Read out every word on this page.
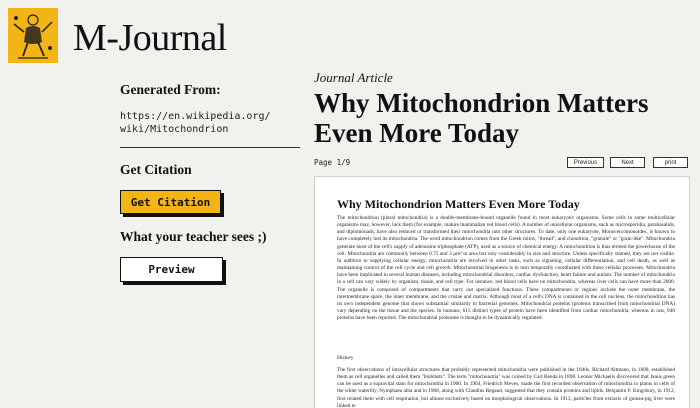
M-Journal
Generated From:
https://en.wikipedia.org/
wiki/Mitochondrion
Get Citation
Get Citation
What your teacher sees ;)
Preview
Journal Article
Why Mitochondrion Matters Even More Today
Page 1/9	Previous	Next	print
Why Mitochondrion Matters Even More Today
The mitochondrion (plural mitochondria) is a double-membrane-bound organelle found in most eukaryotic organisms. Some cells in some multicellular organisms may, however, lack them (for example, mature mammalian red blood cells). A number of unicellular organisms, such as microsporidia, parabasalids, and diplomonads, have also reduced or transformed their mitochondria into other structures. To date, only one eukaryote, Monocercomonoides, is known to have completely lost its mitochondria. The word mitochondrion comes from the Greek mitos, "thread", and chondrion, "granule" or "grain-like". Mitochondria generate most of the cell's supply of adenosine triphosphate (ATP), used as a source of chemical energy. A mitochondrion is thus termed the powerhouse of the cell. Mitochondria are commonly between 0.75 and 3 μm² in area but vary considerably in size and structure. Unless specifically stained, they are not visible. In addition to supplying cellular energy, mitochondria are involved in other tasks, such as signaling, cellular differentiation, and cell death, as well as maintaining control of the cell cycle and cell growth. Mitochondrial biogenesis is in turn temporally coordinated with these cellular processes. Mitochondria have been implicated in several human diseases, including mitochondrial disorders, cardiac dysfunction, heart failure and autism. The number of mitochondria in a cell can vary widely by organism, tissue, and cell type. For instance, red blood cells have no mitochondria, whereas liver cells can have more than 2000. The organelle is composed of compartments that carry out specialized functions. These compartments or regions include the outer membrane, the intermembrane space, the inner membrane, and the cristae and matrix. Although most of a cell's DNA is contained in the cell nucleus, the mitochondrion has its own independent genome that shows substantial similarity to bacterial genomes. Mitochondrial proteins (proteins transcribed from mitochondrial DNA) vary depending on the tissue and the species. In humans, 615 distinct types of protein have been identified from cardiac mitochondria, whereas in rats, 940 proteins have been reported. The mitochondrial proteome is thought to be dynamically regulated.
History
The first observations of intracellular structures that probably represented mitochondria were published in the 1840s. Richard Altmann, in 1890, established them as cell organelles and called them "bioblasts". The term "mitochondria" was coined by Carl Benda in 1898. Leonor Michaelis discovered that Janus green can be used as a supravital stain for mitochondria in 1900. In 1904, Friedrich Meves, made the first recorded observation of mitochondria in plants in cells of the white waterlily, Nymphaea alba and in 1908, along with Claudius Regaud, suggested that they contain proteins and lipids. Benjamin F. Kingsbury, in 1912, first related them with cell respiration, but almost exclusively based on morphological observations. In 1913, particles from extracts of guinea-pig liver were linked to
